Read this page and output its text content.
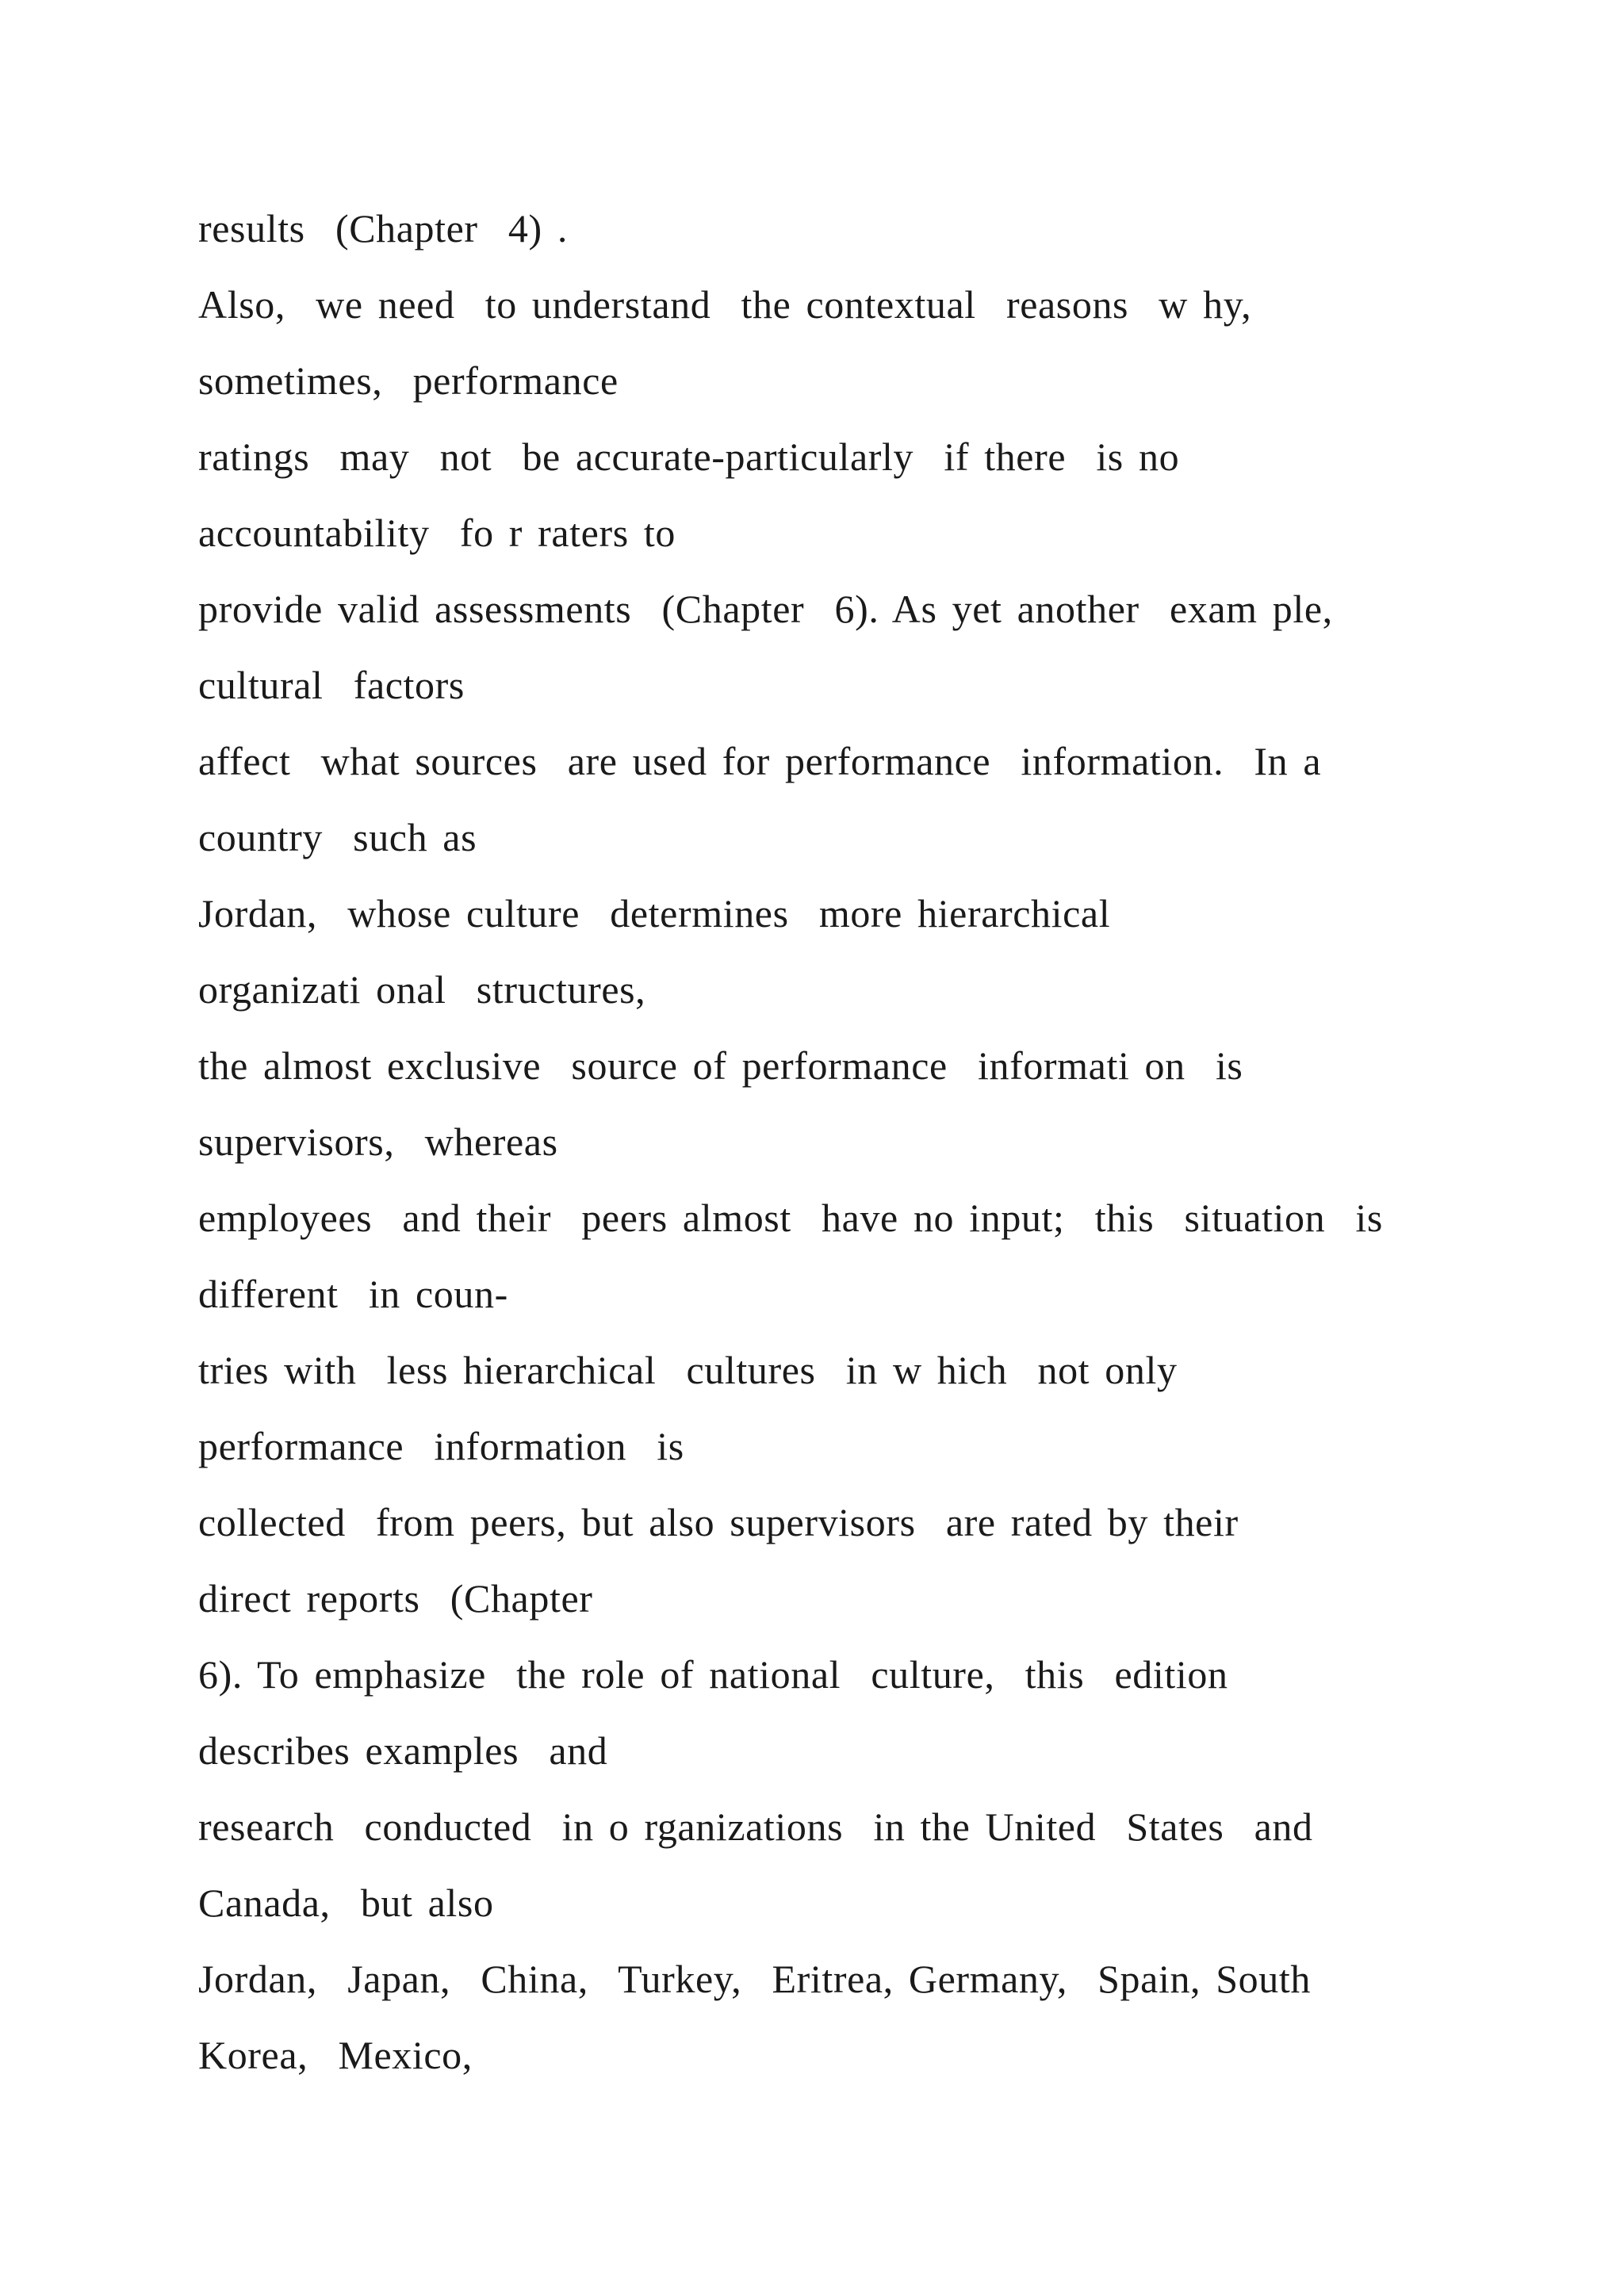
results  (Chapter  4) .
Also,  we need  to understand  the contextual  reasons  w hy,
sometimes,  performance
ratings  may  not  be accurate-particularly  if there  is no
accountability  fo r raters to
provide valid assessments  (Chapter  6). As yet another  exam ple,
cultural  factors
affect  what sources  are used for performance  information.  In a
country  such as
Jordan,  whose culture  determines  more hierarchical
organizati onal  structures,
the almost exclusive  source of performance  informati on  is
supervisors,  whereas
employees  and their  peers almost  have no input;  this  situation  is
different  in coun-
tries with  less hierarchical  cultures  in w hich  not only
performance  information  is
collected  from peers, but also supervisors  are rated by their
direct reports  (Chapter
6). To emphasize  the role of national  culture,  this  edition
describes examples  and
research  conducted  in o rganizations  in the United  States  and
Canada,  but also
Jordan,  Japan,  China,  Turkey,  Eritrea, Germany,  Spain, South
Korea,  Mexico,
